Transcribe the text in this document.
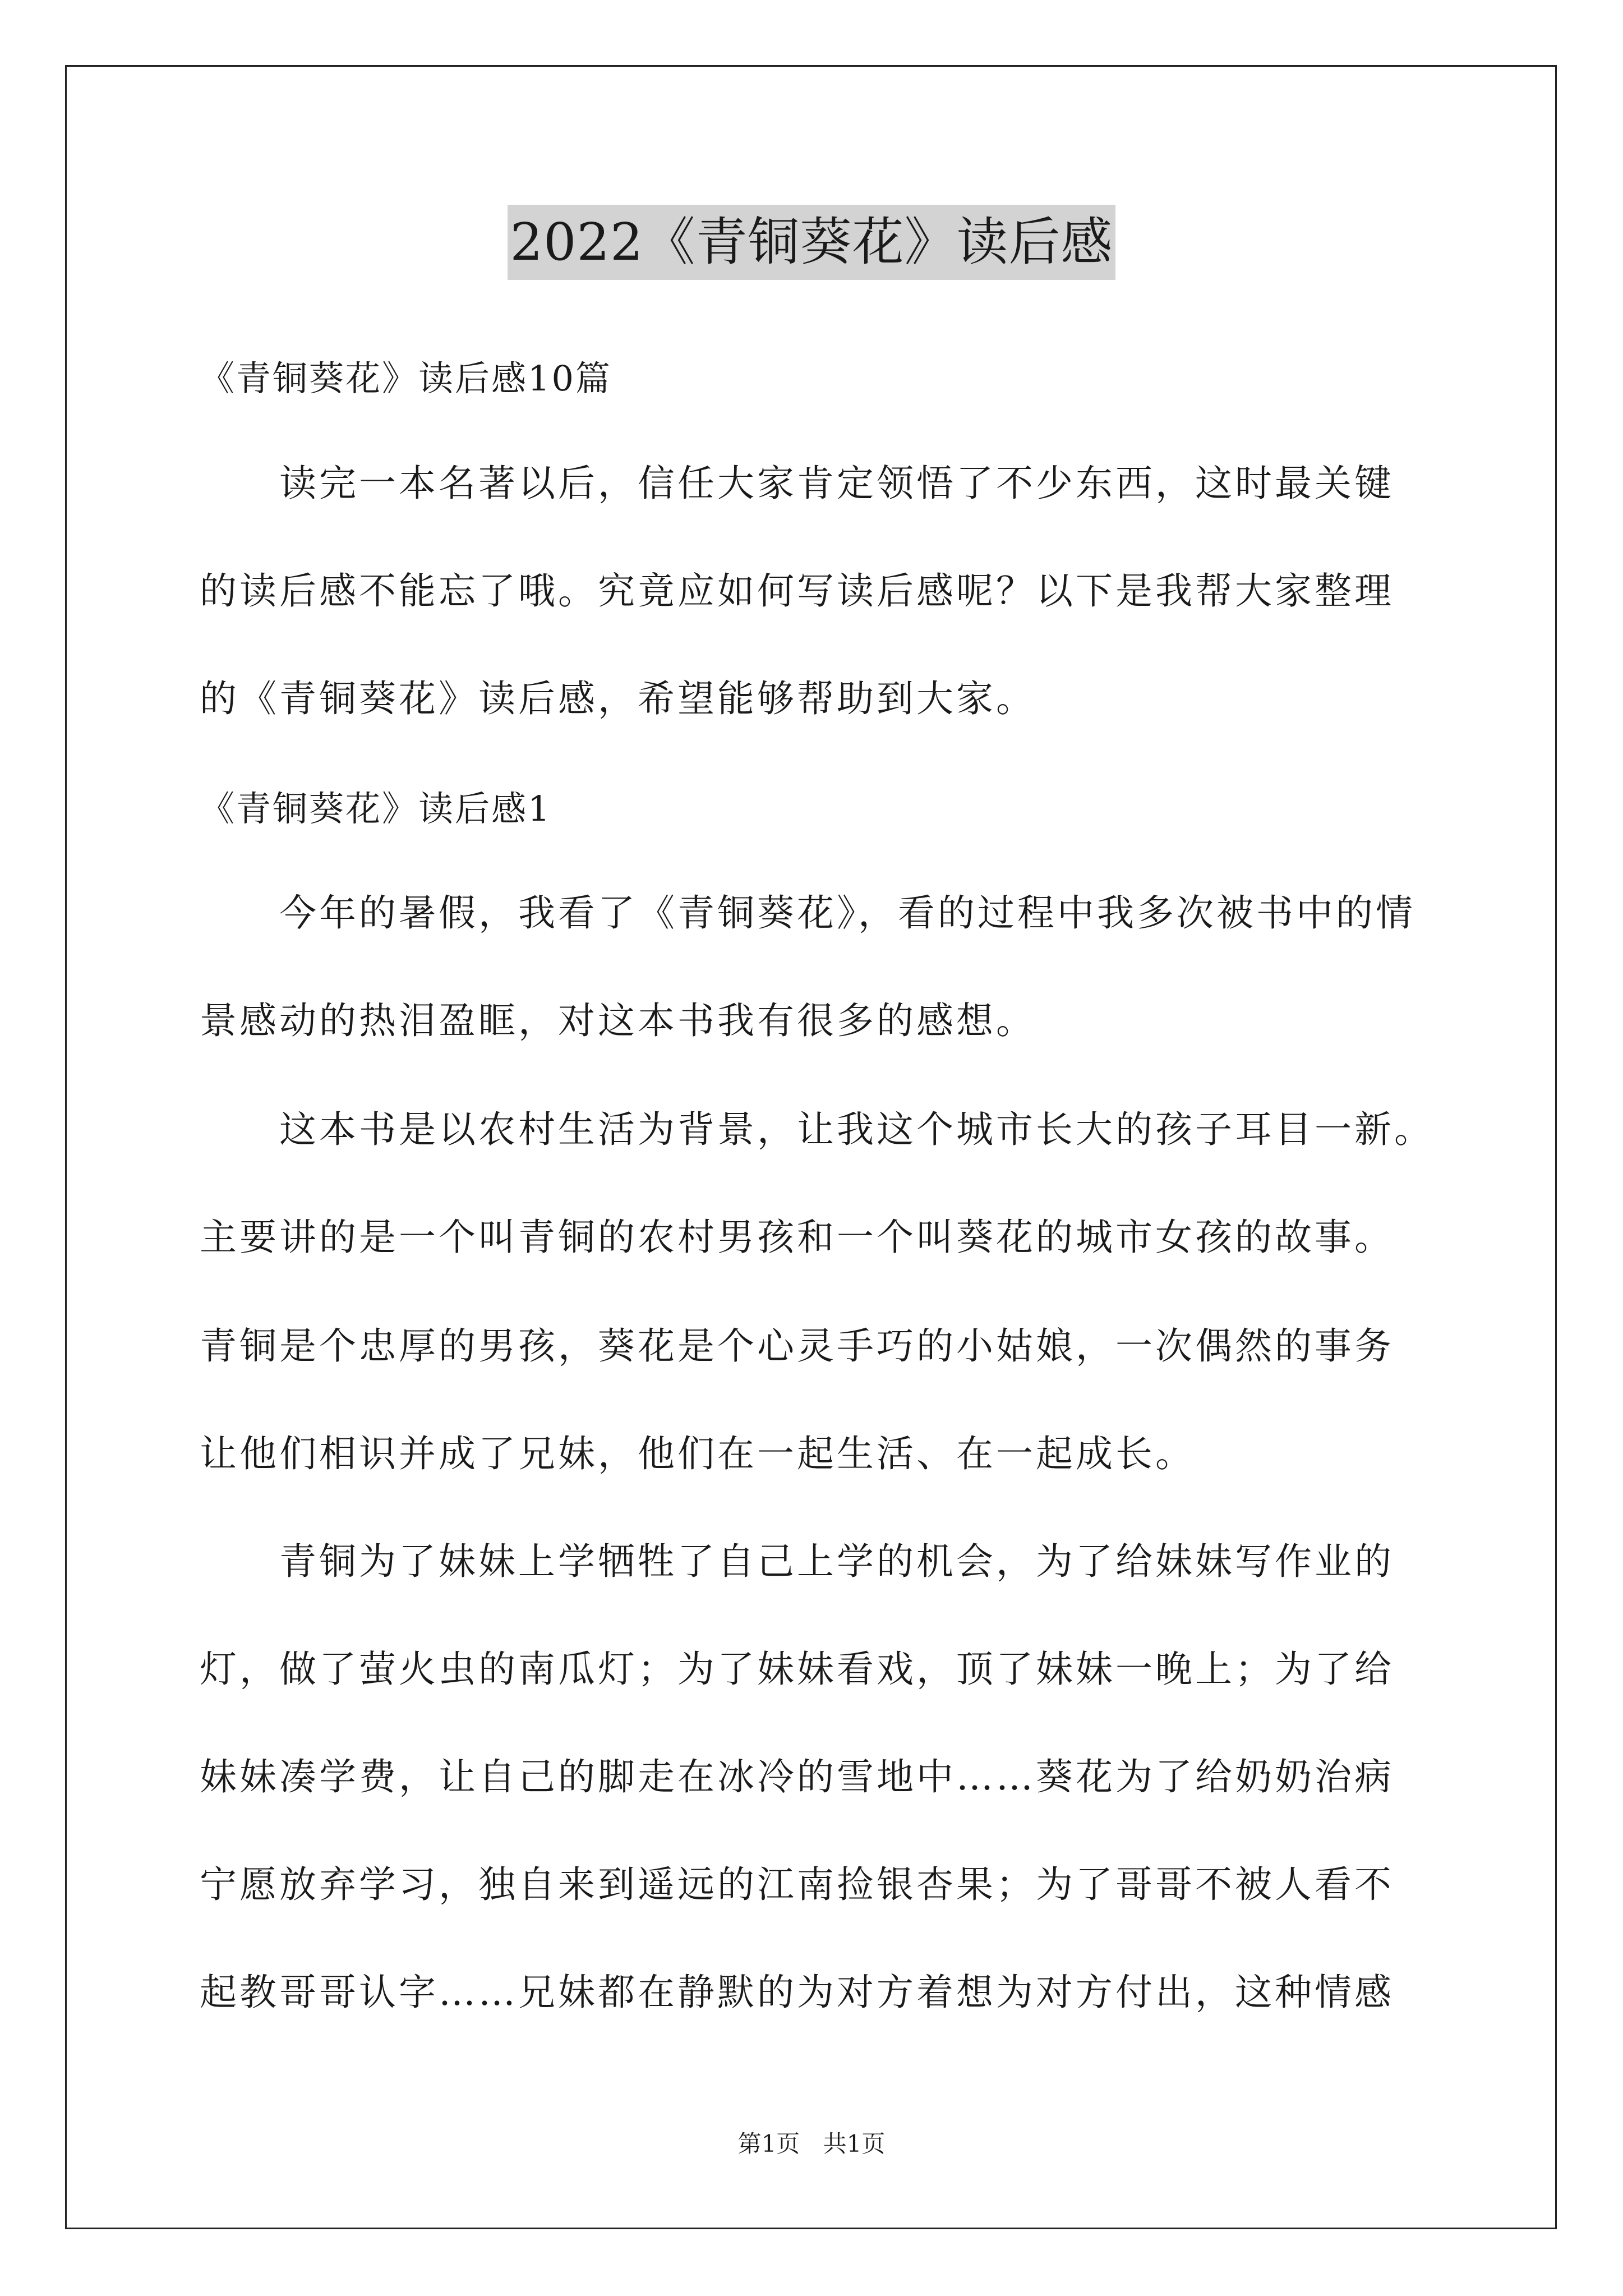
2022《青铜葵花》读后感
《青铜葵花》读后感10篇
读完一本名著以后，信任大家肯定领悟了不少东西，这时最关键
的读后感不能忘了哦。究竟应如何写读后感呢？以下是我帮大家整理
的《青铜葵花》读后感，希望能够帮助到大家。
《青铜葵花》读后感1
今年的暑假，我看了《青铜葵花》，看的过程中我多次被书中的情
景感动的热泪盈眶，对这本书我有很多的感想。
这本书是以农村生活为背景，让我这个城市长大的孩子耳目一新。
主要讲的是一个叫青铜的农村男孩和一个叫葵花的城市女孩的故事。
青铜是个忠厚的男孩，葵花是个心灵手巧的小姑娘，一次偶然的事务
让他们相识并成了兄妹，他们在一起生活、在一起成长。
青铜为了妹妹上学牺牲了自己上学的机会，为了给妹妹写作业的
灯，做了萤火虫的南瓜灯；为了妹妹看戏，顶了妹妹一晚上；为了给
妹妹凑学费，让自己的脚走在冰冷的雪地中……葵花为了给奶奶治病
宁愿放弃学习，独自来到遥远的江南捡银杏果；为了哥哥不被人看不
起教哥哥认字……兄妹都在静默的为对方着想为对方付出，这种情感
第1页 共1页
